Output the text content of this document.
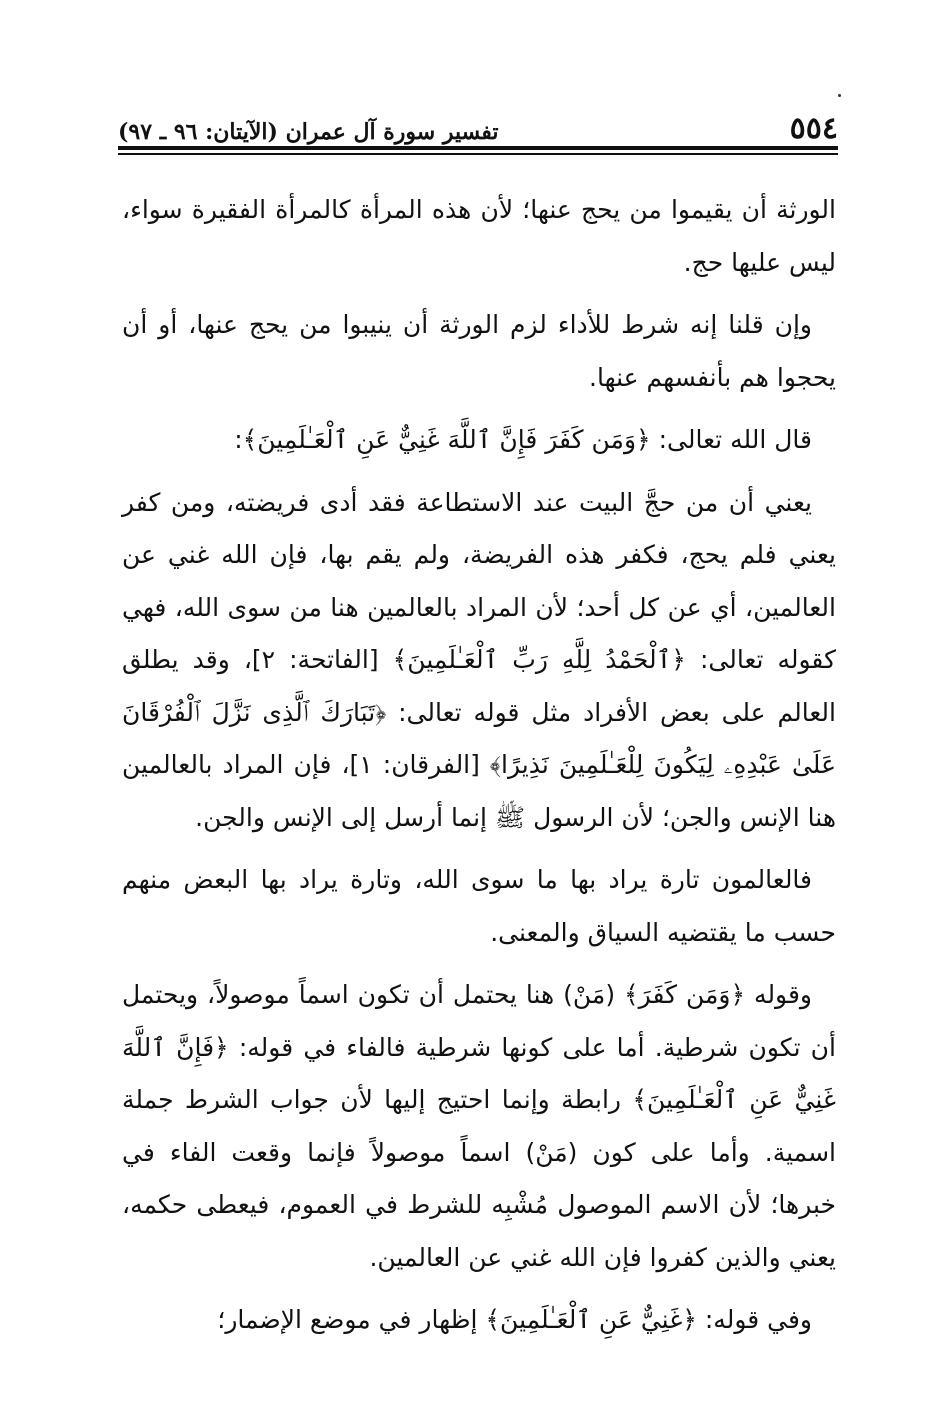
٥٥٤
تفسير سورة آل عمران (الآيتان: ٩٦ ـ ٩٧)

الورثة أن يقيموا من يحج عنها؛ لأن هذه المرأة كالمرأة الفقيرة سواء، ليس عليها حج.

وإن قلنا إنه شرط للأداء لزم الورثة أن ينيبوا من يحج عنها، أو أن يحجوا هم بأنفسهم عنها.

قال الله تعالى: ﴿وَمَن كَفَرَ فَإِنَّ ٱللَّهَ غَنِيٌّ عَنِ ٱلْعَـٰلَمِينَ﴾:

يعني أن من حجَّ البيت عند الاستطاعة فقد أدى فريضته، ومن كفر يعني فلم يحج، فكفر هذه الفريضة، ولم يقم بها، فإن الله غني عن العالمين، أي عن كل أحد؛ لأن المراد بالعالمين هنا من سوى الله، فهي كقوله تعالى: ﴿ٱلْحَمْدُ لِلَّهِ رَبِّ ٱلْعَـٰلَمِينَ﴾ [الفاتحة: ٢]، وقد يطلق العالم على بعض الأفراد مثل قوله تعالى: ﴿تَبَارَكَ ٱلَّذِى نَزَّلَ ٱلْفُرْقَانَ عَلَىٰ عَبْدِهِۦ لِيَكُونَ لِلْعَـٰلَمِينَ نَذِيرًا﴾ [الفرقان: ١]، فإن المراد بالعالمين هنا الإنس والجن؛ لأن الرسول ﷺ إنما أرسل إلى الإنس والجن.

فالعالمون تارة يراد بها ما سوى الله، وتارة يراد بها البعض منهم حسب ما يقتضيه السياق والمعنى.

وقوله ﴿وَمَن كَفَرَ﴾ (مَنْ) هنا يحتمل أن تكون اسماً موصولاً، ويحتمل أن تكون شرطية. أما على كونها شرطية فالفاء في قوله: ﴿فَإِنَّ ٱللَّهَ غَنِيٌّ عَنِ ٱلْعَـٰلَمِينَ﴾ رابطة وإنما احتيج إليها لأن جواب الشرط جملة اسمية. وأما على كون (مَنْ) اسماً موصولاً فإنما وقعت الفاء في خبرها؛ لأن الاسم الموصول مُشْبِه للشرط في العموم، فيعطى حكمه، يعني والذين كفروا فإن الله غني عن العالمين.

وفي قوله: ﴿غَنِيٌّ عَنِ ٱلْعَـٰلَمِينَ﴾ إظهار في موضع الإضمار؛
